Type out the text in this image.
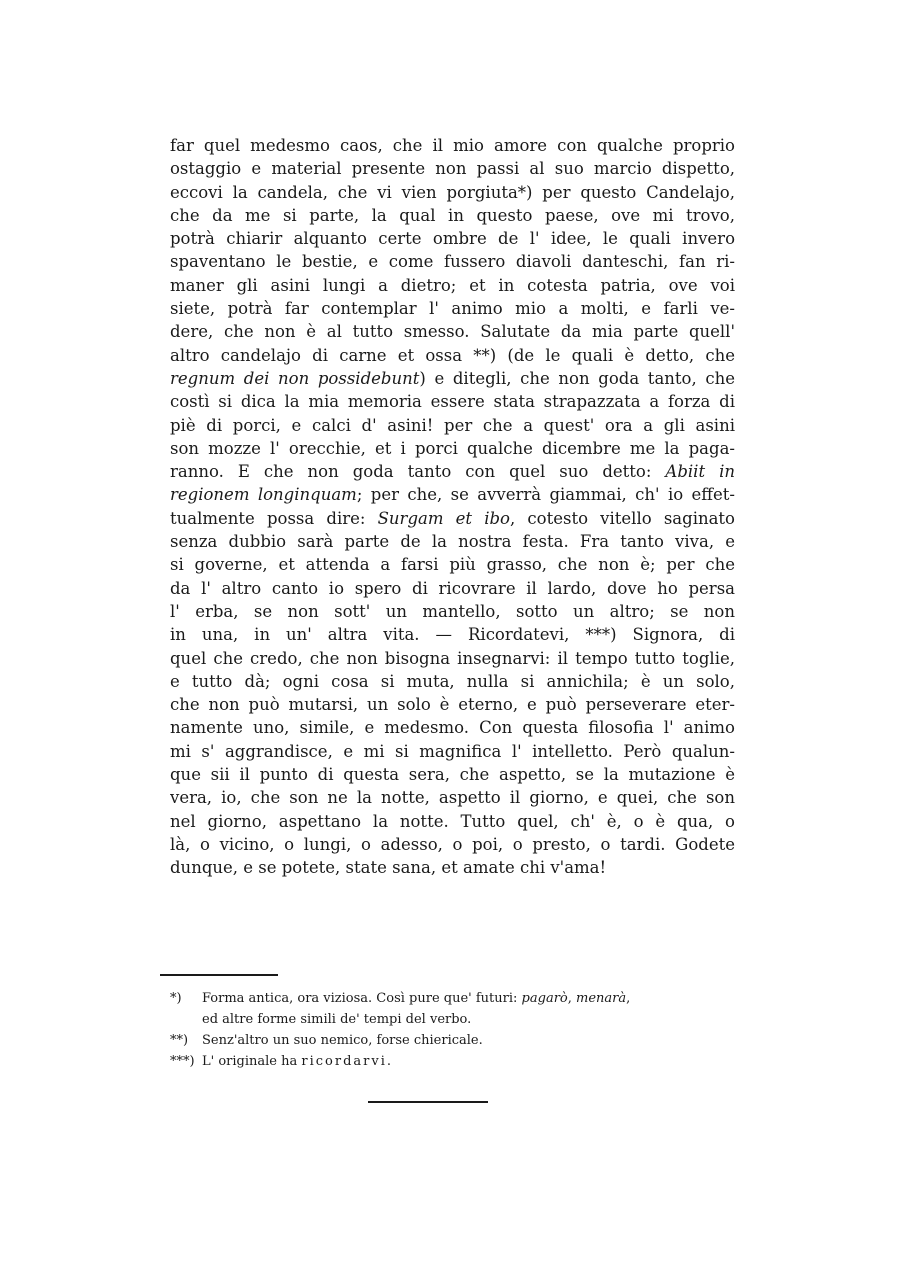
far quel medesmo caos, che il mio amore con qualche proprio
ostaggio e material presente non passi al suo marcio dispetto,
eccovi la candela, che vi vien porgiuta*) per questo Candelajo,
che da me si parte, la qual in questo paese, ove mi trovo,
potrà chiarir alquanto certe ombre de l' idee, le quali invero
spaventano le bestie, e come fussero diavoli danteschi, fan ri-
maner gli asini lungi a dietro; et in cotesta patria, ove voi
siete, potrà far contemplar l' animo mio a molti, e farli ve-
dere, che non è al tutto smesso. Salutate da mia parte quell'
altro candelajo di carne et ossa **) (de le quali è detto, che
regnum dei non possidebunt) e ditegli, che non goda tanto, che
costì si dica la mia memoria essere stata strapazzata a forza di
piè di porci, e calci d' asini! per che a quest' ora a gli asini
son mozze l' orecchie, et i porci qualche dicembre me la paga-
ranno. E che non goda tanto con quel suo detto: Abiit in
regionem longinquam; per che, se avverrà giammai, ch' io effet-
tualmente possa dire: Surgam et ibo, cotesto vitello saginato
senza dubbio sarà parte de la nostra festa. Fra tanto viva, e
si governe, et attenda a farsi più grasso, che non è; per che
da l' altro canto io spero di ricovrare il lardo, dove ho persa
l' erba, se non sott' un mantello, sotto un altro; se non
in una, in un' altra vita. — Ricordatevi, ***) Signora, di
quel che credo, che non bisogna insegnarvi: il tempo tutto toglie,
e tutto dà; ogni cosa si muta, nulla si annichila; è un solo,
che non può mutarsi, un solo è eterno, e può perseverare eter-
namente uno, simile, e medesmo. Con questa filosofia l' animo
mi s' aggrandisce, e mi si magnifica l' intelletto. Però qualun-
que sii il punto di questa sera, che aspetto, se la mutazione è
vera, io, che son ne la notte, aspetto il giorno, e quei, che son
nel giorno, aspettano la notte. Tutto quel, ch' è, o è qua, o
là, o vicino, o lungi, o adesso, o poi, o presto, o tardi. Godete
dunque, e se potete, state sana, et amate chi v'ama!
*) Forma antica, ora viziosa. Così pure que' futuri: pagarò, menarà,
ed altre forme simili de' tempi del verbo.
**) Senz'altro un suo nemico, forse chiericale.
***) L' originale ha ricordarvi.
